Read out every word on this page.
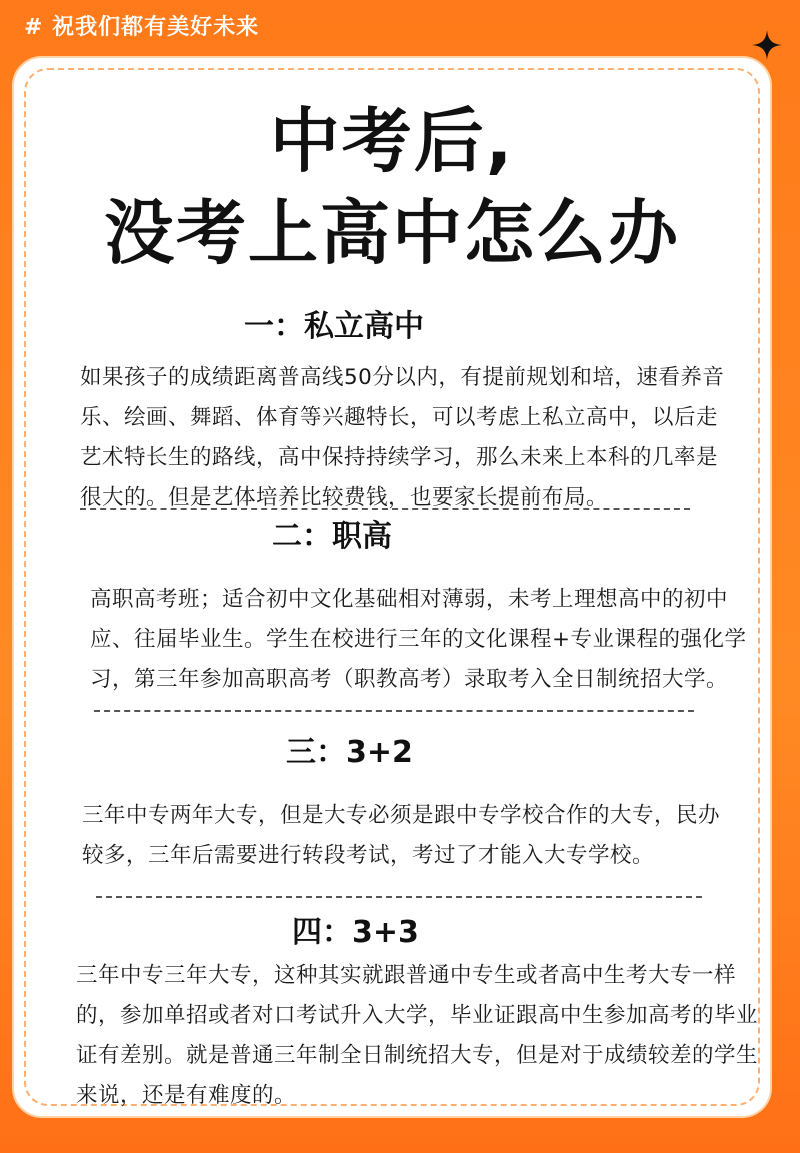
# 祝我们都有美好未来
中考后,
没考上高中怎么办
一：私立高中
如果孩子的成绩距离普高线50分以内，有提前规划和培，速看养音
乐、绘画、舞蹈、体育等兴趣特长，可以考虑上私立高中，以后走
艺术特长生的路线，高中保持持续学习，那么未来上本科的几率是
很大的。但是艺体培养比较费钱，也要家长提前布局。
二：职高
高职高考班；适合初中文化基础相对薄弱，未考上理想高中的初中
应、往届毕业生。学生在校进行三年的文化课程+专业课程的强化学
习，第三年参加高职高考（职教高考）录取考入全日制统招大学。
三：3+2
三年中专两年大专，但是大专必须是跟中专学校合作的大专，民办
较多，三年后需要进行转段考试，考过了才能入大专学校。
四：3+3
三年中专三年大专，这种其实就跟普通中专生或者高中生考大专一样
的，参加单招或者对口考试升入大学，毕业证跟高中生参加高考的毕业
证有差别。就是普通三年制全日制统招大专，但是对于成绩较差的学生
来说，还是有难度的。
